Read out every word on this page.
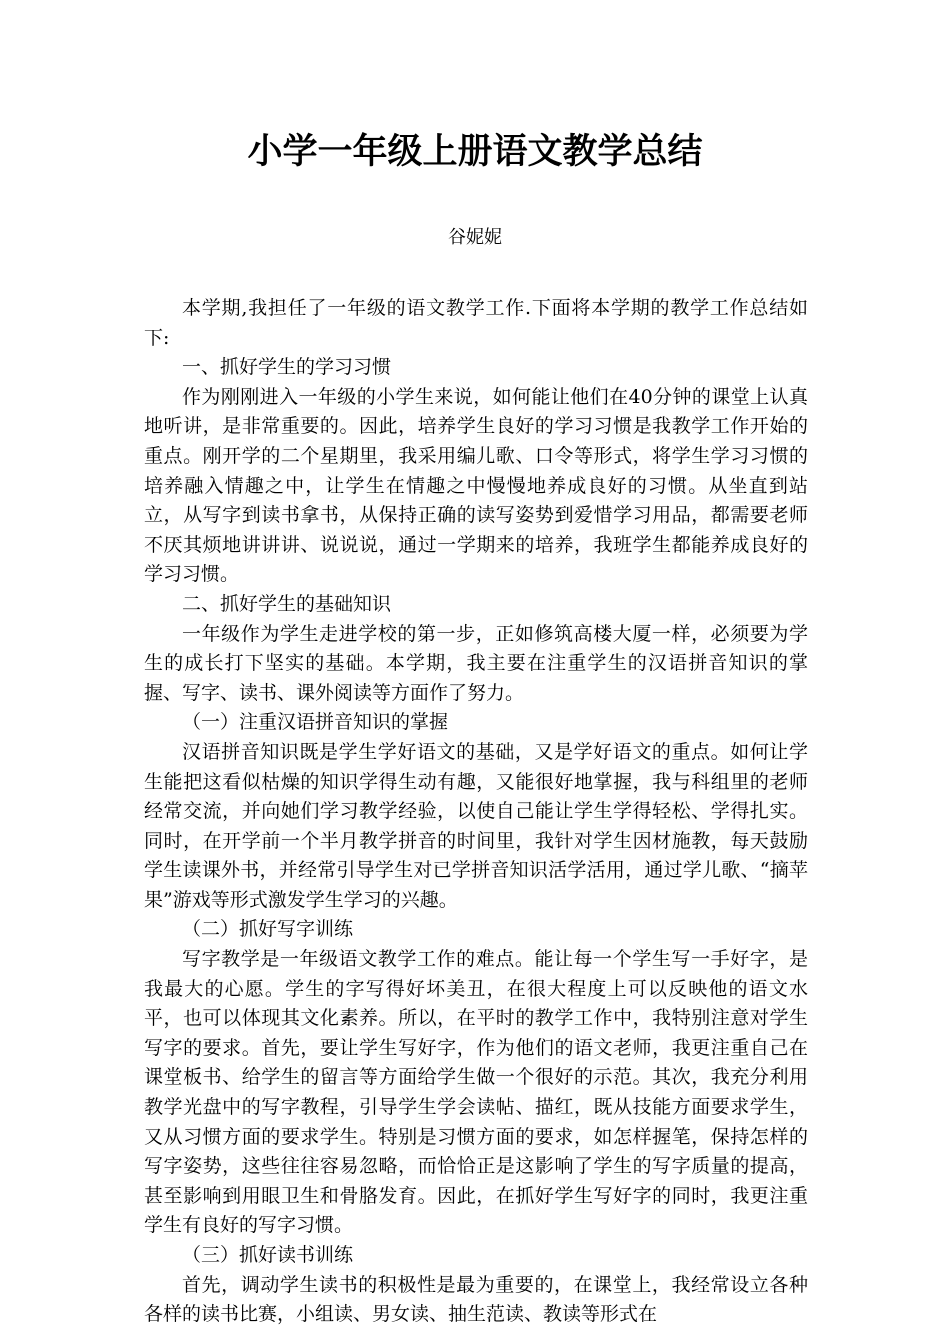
小学一年级上册语文教学总结
谷妮妮

本学期,我担任了一年级的语文教学工作.下面将本学期的教学工作总结如下:

一、抓好学生的学习习惯

作为刚刚进入一年级的小学生来说，如何能让他们在40分钟的课堂上认真地听讲，是非常重要的。因此，培养学生良好的学习习惯是我教学工作开始的重点。刚开学的二个星期里，我采用编儿歌、口令等形式，将学生学习习惯的培养融入情趣之中，让学生在情趣之中慢慢地养成良好的习惯。从坐直到站立，从写字到读书拿书，从保持正确的读写姿势到爱惜学习用品，都需要老师不厌其烦地讲讲讲、说说说，通过一学期来的培养，我班学生都能养成良好的学习习惯。

二、抓好学生的基础知识

一年级作为学生走进学校的第一步，正如修筑高楼大厦一样，必须要为学生的成长打下坚实的基础。本学期，我主要在注重学生的汉语拼音知识的掌握、写字、读书、课外阅读等方面作了努力。

（一）注重汉语拼音知识的掌握

汉语拼音知识既是学生学好语文的基础，又是学好语文的重点。如何让学生能把这看似枯燥的知识学得生动有趣，又能很好地掌握，我与科组里的老师经常交流，并向她们学习教学经验，以使自己能让学生学得轻松、学得扎实。同时，在开学前一个半月教学拼音的时间里，我针对学生因材施教，每天鼓励学生读课外书，并经常引导学生对已学拼音知识活学活用，通过学儿歌、“摘苹果”游戏等形式激发学生学习的兴趣。

（二）抓好写字训练

写字教学是一年级语文教学工作的难点。能让每一个学生写一手好字，是我最大的心愿。学生的字写得好坏美丑，在很大程度上可以反映他的语文水平，也可以体现其文化素养。所以，在平时的教学工作中，我特别注意对学生写字的要求。首先，要让学生写好字，作为他们的语文老师，我更注重自己在课堂板书、给学生的留言等方面给学生做一个很好的示范。其次，我充分利用教学光盘中的写字教程，引导学生学会读帖、描红，既从技能方面要求学生，又从习惯方面的要求学生。特别是习惯方面的要求，如怎样握笔，保持怎样的写字姿势，这些往往容易忽略，而恰恰正是这影响了学生的写字质量的提高，甚至影响到用眼卫生和骨胳发育。因此，在抓好学生写好字的同时，我更注重学生有良好的写字习惯。

（三）抓好读书训练

首先，调动学生读书的积极性是最为重要的，在课堂上，我经常设立各种各样的读书比赛，小组读、男女读、抽生范读、教读等形式在
